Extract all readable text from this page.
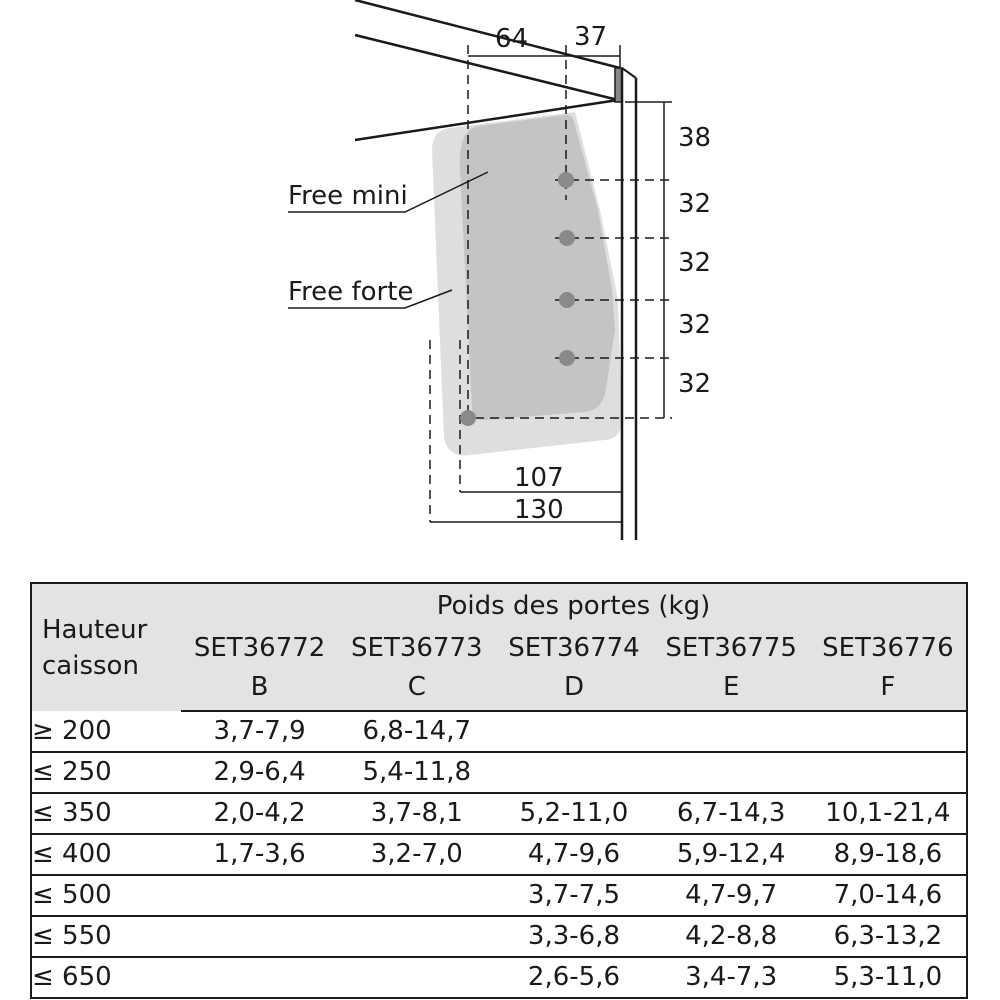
Free mini
Free forte
64 37
38
32
32
32
32
107
130
Hauteur caisson	Poids des portes (kg)				
	SET36772	SET36773	SET36774	SET36775	SET36776
	B	C	D	E	F
≥ 200	3,7-7,9	6,8-14,7			
≤ 250	2,9-6,4	5,4-11,8			
≤ 350	2,0-4,2	3,7-8,1	5,2-11,0	6,7-14,3	10,1-21,4
≤ 400	1,7-3,6	3,2-7,0	4,7-9,6	5,9-12,4	8,9-18,6
≤ 500			3,7-7,5	4,7-9,7	7,0-14,6
≤ 550			3,3-6,8	4,2-8,8	6,3-13,2
≤ 650			2,6-5,6	3,4-7,3	5,3-11,0
